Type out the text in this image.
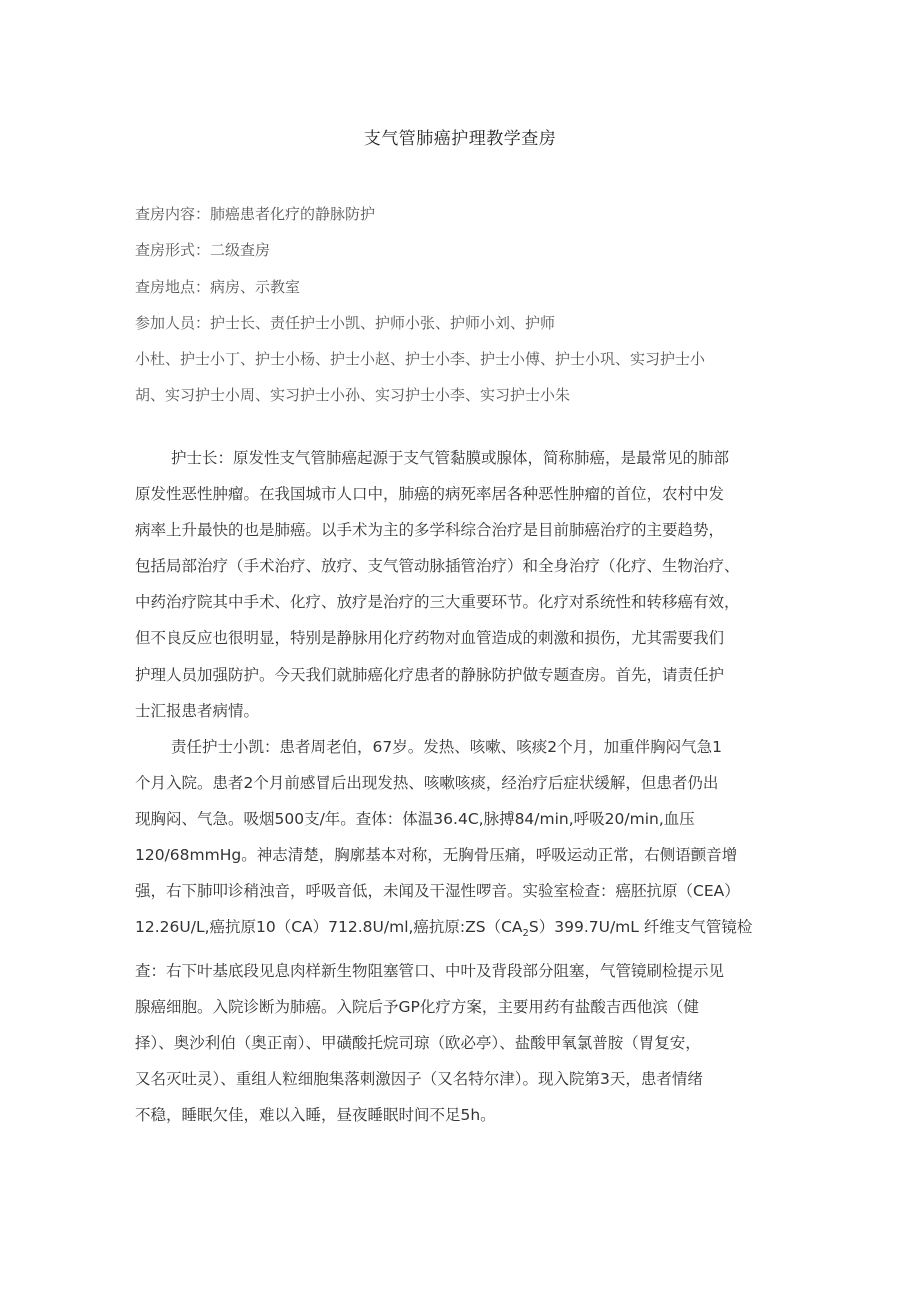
支气管肺癌护理教学查房
查房内容：肺癌患者化疗的静脉防护
查房形式：二级查房
查房地点：病房、示教室
参加人员：护士长、责任护士小凯、护师小张、护师小刘、护师
小杜、护士小丁、护士小杨、护士小赵、护士小李、护士小傅、护士小巩、实习护士小
胡、实习护士小周、实习护士小孙、实习护士小李、实习护士小朱
护士长：原发性支气管肺癌起源于支气管黏膜或腺体，简称肺癌，是最常见的肺部
原发性恶性肿瘤。在我国城市人口中，肺癌的病死率居各种恶性肿瘤的首位，农村中发
病率上升最快的也是肺癌。以手术为主的多学科综合治疗是目前肺癌治疗的主要趋势，
包括局部治疗（手术治疗、放疗、支气管动脉插管治疗）和全身治疗（化疗、生物治疗、
中药治疗院其中手术、化疗、放疗是治疗的三大重要环节。化疗对系统性和转移癌有效，
但不良反应也很明显，特别是静脉用化疗药物对血管造成的刺激和损伤，尤其需要我们
护理人员加强防护。今天我们就肺癌化疗患者的静脉防护做专题查房。首先，请责任护
士汇报患者病情。
责任护士小凯：患者周老伯，67岁。发热、咳嗽、咳痰2个月，加重伴胸闷气急1
个月入院。患者2个月前感冒后出现发热、咳嗽咳痰，经治疗后症状缓解，但患者仍出
现胸闷、气急。吸烟500支/年。查体：体温36.4C,脉搏84/min,呼吸20/min,血压
120/68mmHg。神志清楚，胸廓基本对称，无胸骨压痛，呼吸运动正常，右侧语颤音增
强，右下肺叩诊稍浊音，呼吸音低，未闻及干湿性啰音。实验室检查：癌胚抗原（CEA）
12.26U/L,癌抗原10（CA）712.8U/ml,癌抗原$:ZS(CA_2S)399.7U/mL$ 纤维支气管镜检
查：右下叶基底段见息肉样新生物阻塞管口、中叶及背段部分阻塞，气管镜刷检提示见
腺癌细胞。入院诊断为肺癌。入院后予GP化疗方案，主要用药有盐酸吉西他滨（健
择）、奥沙利伯（奥正南）、甲磺酸托烷司琼（欧必亭）、盐酸甲氧氯普胺（胃复安，
又名灭吐灵）、重组人粒细胞集落刺激因子（又名特尔津）。现入院第3天，患者情绪
不稳，睡眠欠佳，难以入睡，昼夜睡眠时间不足5h。
